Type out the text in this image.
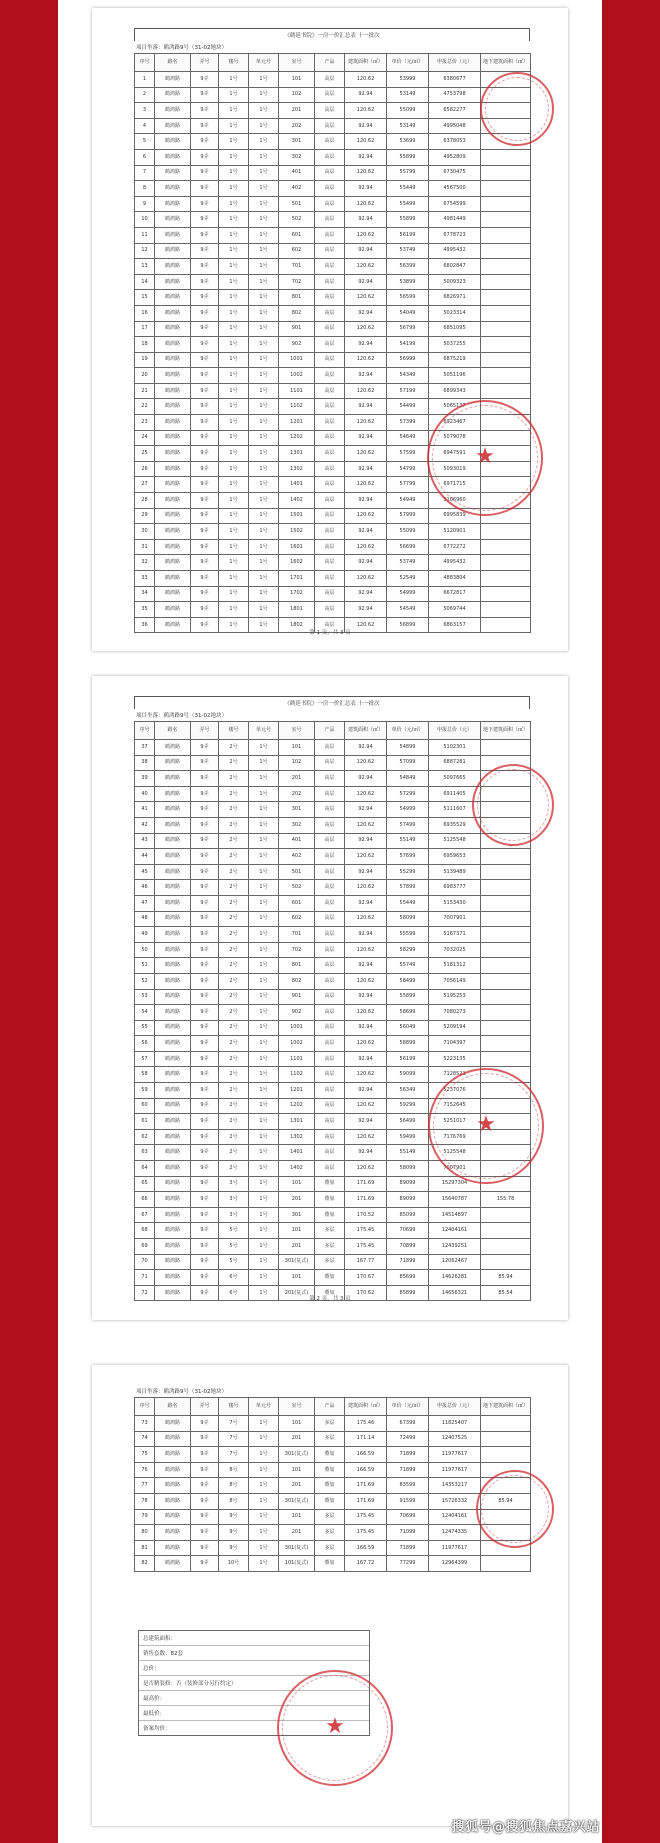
《鹤延书院》一房一价汇总表 十一批次
项目坐落：鹤鸿路9号（31-02地块）
序号	路名	弄号	楼号	单元号	室号	产品	建筑面积（㎡）	单价（元/㎡）	申报总价（元）	地下建筑面积（㎡）
1	鹤鸿路	9弄	1号	1号	101	高层	120.62	53999	6380677	
2	鹤鸿路	9弄	1号	1号	102	高层	92.94	53149	4753798	
3	鹤鸿路	9弄	1号	1号	201	高层	120.62	55099	6582277	
4	鹤鸿路	9弄	1号	1号	202	高层	92.94	53149	4995048	
5	鹤鸿路	9弄	1号	1号	301	高层	120.62	53699	6378053	
6	鹤鸿路	9弄	1号	1号	302	高层	92.94	55899	4952809	
7	鹤鸿路	9弄	1号	1号	401	高层	120.62	55799	6730475	
8	鹤鸿路	9弄	1号	1号	402	高层	92.94	55449	4567500	
9	鹤鸿路	9弄	1号	1号	501	高层	120.62	55499	6754599	
10	鹤鸿路	9弄	1号	1号	502	高层	92.94	55899	4981449	
11	鹤鸿路	9弄	1号	1号	601	高层	120.62	56199	6778723	
12	鹤鸿路	9弄	1号	1号	602	高层	92.94	53749	4995432	
13	鹤鸿路	9弄	1号	1号	701	高层	120.62	56399	6802847	
14	鹤鸿路	9弄	1号	1号	702	高层	92.94	53899	5009323	
15	鹤鸿路	9弄	1号	1号	801	高层	120.62	56599	6826971	
16	鹤鸿路	9弄	1号	1号	802	高层	92.94	54049	5023314	
17	鹤鸿路	9弄	1号	1号	901	高层	120.62	56799	6851095	
18	鹤鸿路	9弄	1号	1号	902	高层	92.94	54199	5037255	
19	鹤鸿路	9弄	1号	1号	1001	高层	120.62	56999	6875219	
20	鹤鸿路	9弄	1号	1号	1002	高层	92.94	54349	5051196	
21	鹤鸿路	9弄	1号	1号	1101	高层	120.62	57199	6899343	
22	鹤鸿路	9弄	1号	1号	1102	高层	92.94	54499	5065137	
23	鹤鸿路	9弄	1号	1号	1201	高层	120.62	57399	6923467	
24	鹤鸿路	9弄	1号	1号	1202	高层	92.94	54649	5079078	
25	鹤鸿路	9弄	1号	1号	1301	高层	120.62	57599	6947591	
26	鹤鸿路	9弄	1号	1号	1302	高层	92.94	54799	5093019	
27	鹤鸿路	9弄	1号	1号	1401	高层	120.62	57799	6971715	
28	鹤鸿路	9弄	1号	1号	1402	高层	92.94	54949	5106960	
29	鹤鸿路	9弄	1号	1号	1501	高层	120.62	57999	6995839	
30	鹤鸿路	9弄	1号	1号	1502	高层	92.94	55099	5120901	
31	鹤鸿路	9弄	1号	1号	1601	高层	120.62	56699	6772272	
32	鹤鸿路	9弄	1号	1号	1602	高层	92.94	53749	4995432	
33	鹤鸿路	9弄	1号	1号	1701	高层	120.62	52549	4883804	
34	鹤鸿路	9弄	1号	1号	1702	高层	92.94	54999	6672817	
35	鹤鸿路	9弄	1号	1号	1801	高层	92.94	54549	5069744	
36	鹤鸿路	9弄	1号	1号	1802	高层	120.62	56899	6863157	
★
第 1 页，共 3 页
《鹤延书院》一房一价汇总表 十一批次
项目坐落：鹤鸿路9号（31-02地块）
序号	路名	弄号	楼号	单元号	室号	产品	建筑面积（㎡）	单价（元/㎡）	申报总价（元）	地下建筑面积（㎡）
37	鹤鸿路	9弄	2号	1号	101	高层	92.94	54899	5102301	
38	鹤鸿路	9弄	2号	1号	102	高层	120.62	57099	6887281	
39	鹤鸿路	9弄	2号	1号	201	高层	92.94	54849	5097665	
40	鹤鸿路	9弄	2号	1号	202	高层	120.62	57299	6911405	
41	鹤鸿路	9弄	2号	1号	301	高层	92.94	54999	5111607	
42	鹤鸿路	9弄	2号	1号	302	高层	120.62	57499	6935529	
43	鹤鸿路	9弄	2号	1号	401	高层	92.94	55149	5125548	
44	鹤鸿路	9弄	2号	1号	402	高层	120.62	57699	6959653	
45	鹤鸿路	9弄	2号	1号	501	高层	92.94	55299	5139489	
46	鹤鸿路	9弄	2号	1号	502	高层	120.62	57899	6983777	
47	鹤鸿路	9弄	2号	1号	601	高层	92.94	55449	5153430	
48	鹤鸿路	9弄	2号	1号	602	高层	120.62	58099	7007901	
49	鹤鸿路	9弄	2号	1号	701	高层	92.94	55599	5167371	
50	鹤鸿路	9弄	2号	1号	702	高层	120.62	58299	7032025	
51	鹤鸿路	9弄	2号	1号	801	高层	92.94	55749	5181312	
52	鹤鸿路	9弄	2号	1号	802	高层	120.62	58499	7056149	
53	鹤鸿路	9弄	2号	1号	901	高层	92.94	55899	5195253	
54	鹤鸿路	9弄	2号	1号	902	高层	120.62	58699	7080273	
55	鹤鸿路	9弄	2号	1号	1001	高层	92.94	56049	5209194	
56	鹤鸿路	9弄	2号	1号	1002	高层	120.62	58899	7104397	
57	鹤鸿路	9弄	2号	1号	1101	高层	92.94	56199	5223135	
58	鹤鸿路	9弄	2号	1号	1102	高层	120.62	59099	7128521	
59	鹤鸿路	9弄	2号	1号	1201	高层	92.94	56349	5237076	
60	鹤鸿路	9弄	2号	1号	1202	高层	120.62	59299	7152645	
61	鹤鸿路	9弄	2号	1号	1301	高层	92.94	56499	5251017	
62	鹤鸿路	9弄	2号	1号	1302	高层	120.62	59499	7176769	
63	鹤鸿路	9弄	2号	1号	1401	高层	92.94	55149	5125548	
64	鹤鸿路	9弄	2号	1号	1402	高层	120.62	58099	7007901	
65	鹤鸿路	9弄	3号	1号	101	叠加	171.69	89099	15297304	
66	鹤鸿路	9弄	3号	1号	201	叠加	171.69	89099	15640787	155.78
67	鹤鸿路	9弄	3号	1号	301	叠加	170.52	85099	14514897	
68	鹤鸿路	9弄	5号	1号	101	多层	175.45	70699	12404161	
69	鹤鸿路	9弄	5号	1号	201	多层	175.45	70899	12439251	
70	鹤鸿路	9弄	5号	1号	301(复式)	多层	167.77	71899	12062467	
71	鹤鸿路	9弄	6号	1号	101	叠加	170.67	85699	14626281	85.94
72	鹤鸿路	9弄	6号	1号	201(复式)	叠加	170.62	85899	14656321	85.54
★
第 2 页，共 3 页
项目坐落：鹤鸿路9号（31-02地块）
序号	路名	弄号	楼号	单元号	室号	产品	建筑面积（㎡）	单价（元/㎡）	申报总价（元）	地下建筑面积（㎡）
73	鹤鸿路	9弄	7号	1号	101	多层	175.46	67399	11825407	
74	鹤鸿路	9弄	7号	1号	201	多层	171.14	72499	12407525	
75	鹤鸿路	9弄	7号	1号	301(复式)	叠加	166.59	71899	11977617	
76	鹤鸿路	9弄	8号	1号	101	叠加	166.59	71899	11977617	
77	鹤鸿路	9弄	8号	1号	201	叠加	171.69	83599	14353217	
78	鹤鸿路	9弄	8号	1号	301(复式)	叠加	171.69	91599	15726332	85.94
79	鹤鸿路	9弄	9号	1号	101	多层	175.45	70699	12404161	
80	鹤鸿路	9弄	9号	1号	201	多层	175.45	71099	12474335	
81	鹤鸿路	9弄	9号	1号	301(复式)	多层	166.59	71899	11977617	
82	鹤鸿路	9弄	10号	1号	101(复式)	叠加	167.72	77299	12964399	
总建筑面积：
销售套数：82套
总价：
是否精装修：否（装修部分另行约定）
最高价：
最低价：
备案均价：	★
搜狐号@搜狐焦点嘉兴站
